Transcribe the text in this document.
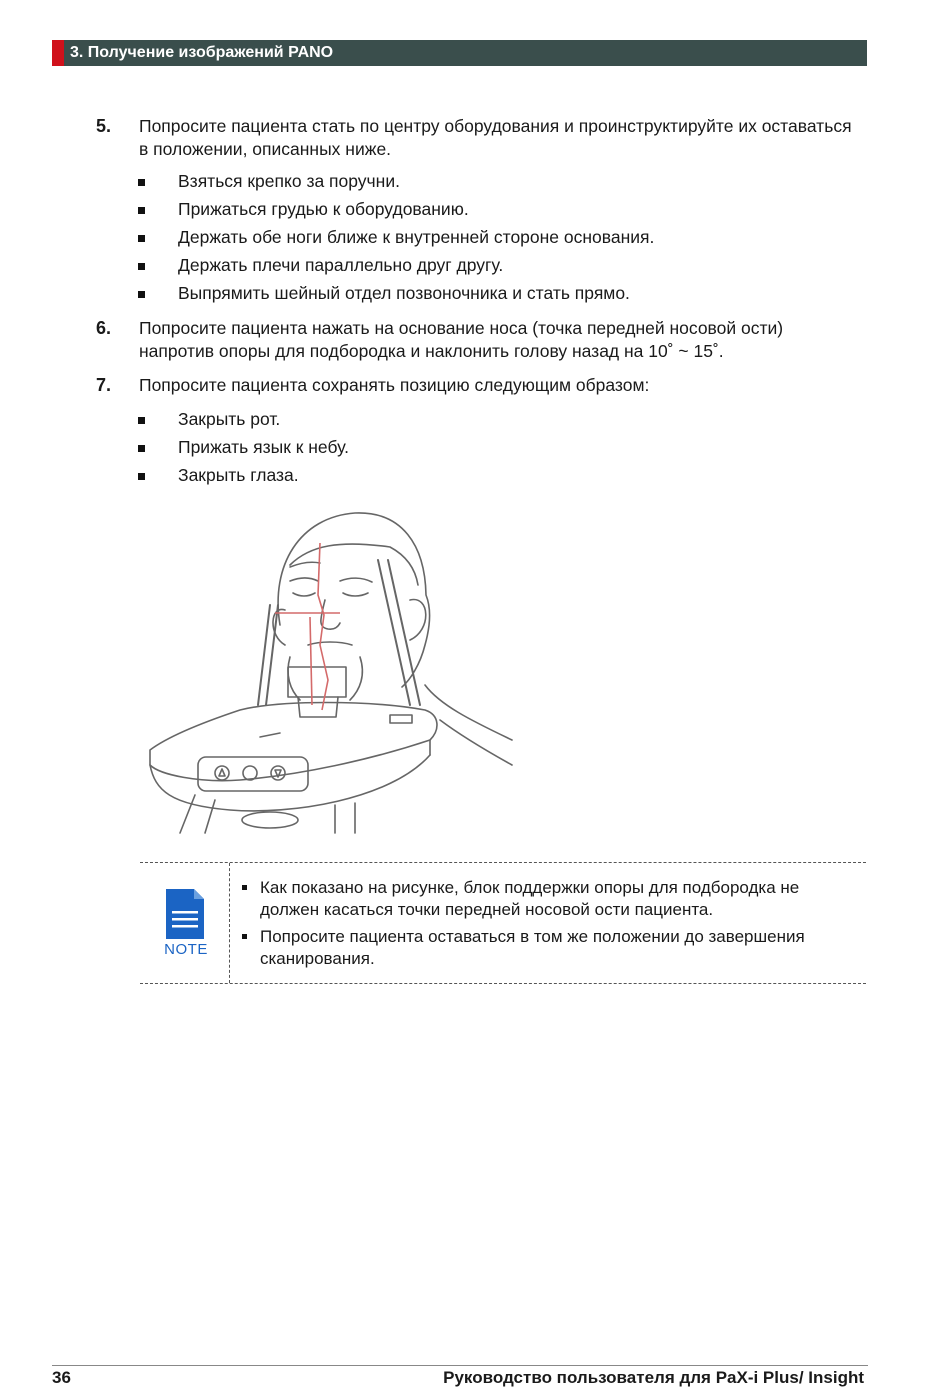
3. Получение изображений PANO
5. Попросите пациента стать по центру оборудования и проинструктируйте их оставаться в положении, описанных ниже.
Взяться крепко за поручни.
Прижаться грудью к оборудованию.
Держать обе ноги ближе к внутренней стороне основания.
Держать плечи параллельно друг другу.
Выпрямить шейный отдел позвоночника и стать прямо.
6. Попросите пациента нажать на основание носа (точка передней носовой ости) напротив опоры для подбородка и наклонить голову назад на 10˚ ~ 15˚.
7. Попросите пациента сохранять позицию следующим образом:
Закрыть рот.
Прижать язык к небу.
Закрыть глаза.
NOTE
Как показано на рисунке, блок поддержки опоры для подбородка не должен касаться точки передней носовой ости пациента.
Попросите пациента оставаться в том же положении до завершения сканирования.
36	Руководство пользователя для PaX-i Plus/ Insight
